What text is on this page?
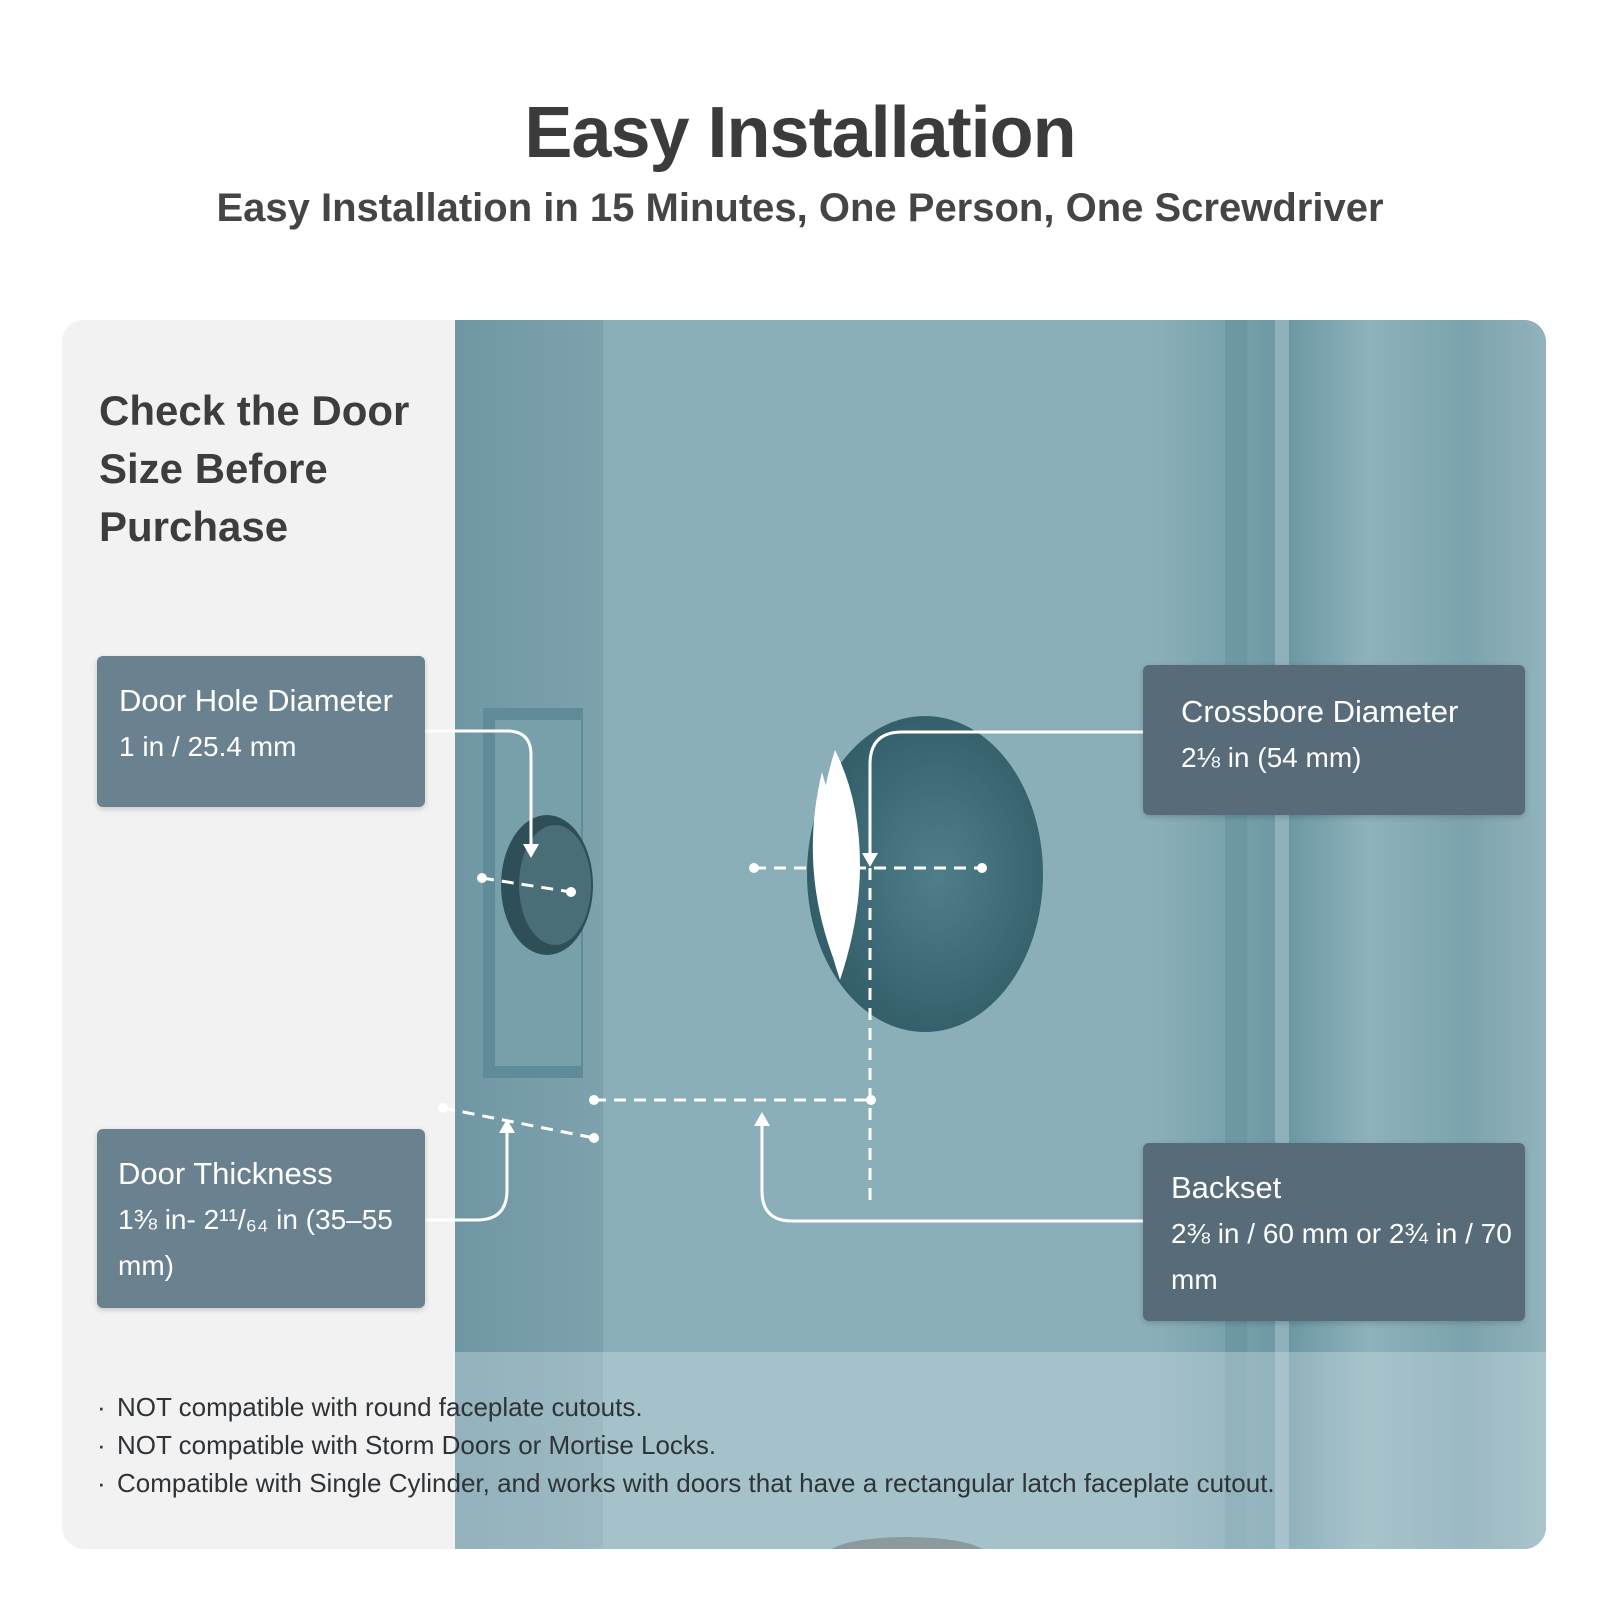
Easy Installation
Easy Installation in 15 Minutes, One Person, One Screwdriver
Check the Door Size Before Purchase
Door Hole Diameter
1 in / 25.4 mm
Door Thickness
1⅜ in- 2¹¹/₆₄ in (35–55 mm)
Crossbore Diameter
2⅛ in (54 mm)
Backset
2⅜ in / 60 mm or 2¾ in / 70 mm
· NOT compatible with round faceplate cutouts.
· NOT compatible with Storm Doors or Mortise Locks.
· Compatible with Single Cylinder, and works with doors that have a rectangular latch faceplate cutout.
